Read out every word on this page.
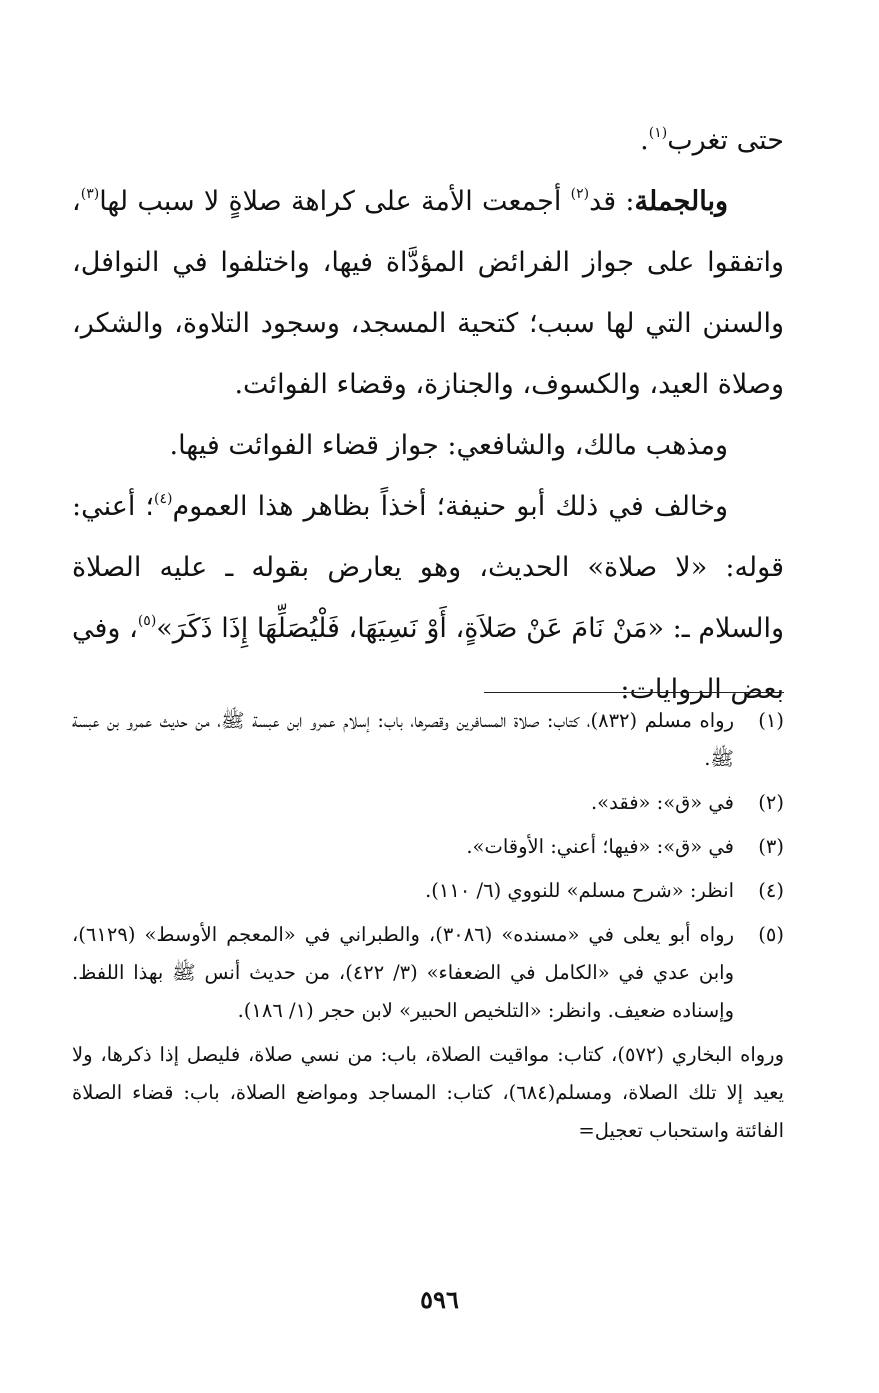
حتى تغرب$^{(١)}$.

وبالجملة: قد$^{(٢)}$ أجمعت الأمة على كراهة صلاةٍ لا سبب لها$^{(٣)}$، واتفقوا على جواز الفرائض المؤدَّاة فيها، واختلفوا في النوافل، والسنن التي لها سبب؛ كتحية المسجد، وسجود التلاوة، والشكر، وصلاة العيد، والكسوف، والجنازة، وقضاء الفوائت.

ومذهب مالك، والشافعي: جواز قضاء الفوائت فيها.

وخالف في ذلك أبو حنيفة؛ أخذاً بظاهر هذا العموم$^{(٤)}$؛ أعني: قوله: «لا صلاة» الحديث، وهو يعارض بقوله ـ عليه الصلاة والسلام ـ: «مَنْ نَامَ عَنْ صَلاَةٍ، أَوْ نَسِيَهَا، فَلْيُصَلِّهَا إِذَا ذَكَرَ»$^{(٥)}$، وفي بعض الروايات:

(١)
رواه مسلم (٨٣٢)، كتاب: صلاة المسافرين وقصرها، باب: إسلام عمرو ابن عبسة ﷺ، من حديث عمرو بن عبسة ﷺ.
(٢)
في «ق»: «فقد».
(٣)
في «ق»: «فيها؛ أعني: الأوقات».
(٤)
انظر: «شرح مسلم» للنووي (٦/ ١١٠).
(٥)
رواه أبو يعلى في «مسنده» (٣٠٨٦)، والطبراني في «المعجم الأوسط» (٦١٢٩)، وابن عدي في «الكامل في الضعفاء» (٣/ ٤٢٢)، من حديث أنس ﷺ بهذا اللفظ. وإسناده ضعيف. وانظر: «التلخيص الحبير» لابن حجر (١/ ١٨٦).

ورواه البخاري (٥٧٢)، كتاب: مواقيت الصلاة، باب: من نسي صلاة، فليصل إذا ذكرها، ولا يعيد إلا تلك الصلاة، ومسلم(٦٨٤)، كتاب: المساجد ومواضع الصلاة، باب: قضاء الصلاة الفائتة واستحباب تعجيل=

٥٩٦
